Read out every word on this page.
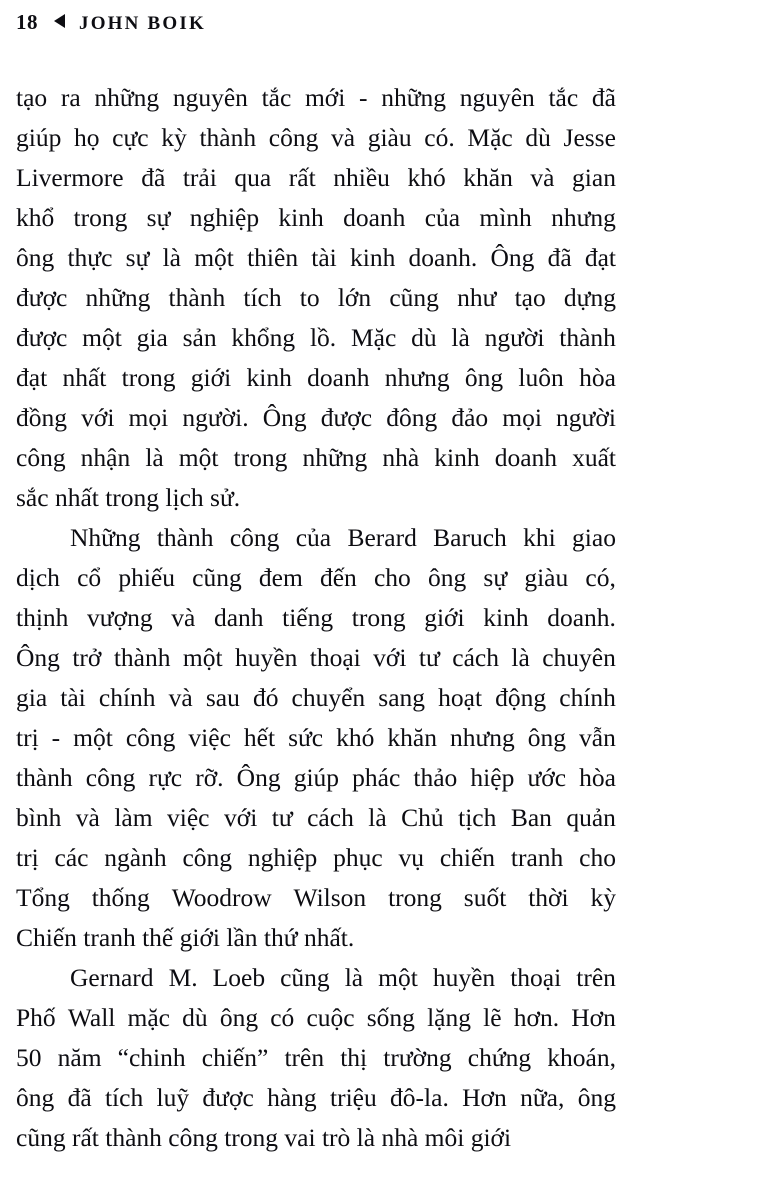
18 JOHN BOIK
tạo ra những nguyên tắc mới - những nguyên tắc đã
giúp họ cực kỳ thành công và giàu có. Mặc dù Jesse
Livermore đã trải qua rất nhiều khó khăn và gian
khổ trong sự nghiệp kinh doanh của mình nhưng
ông thực sự là một thiên tài kinh doanh. Ông đã đạt
được những thành tích to lớn cũng như tạo dựng
được một gia sản khổng lồ. Mặc dù là người thành
đạt nhất trong giới kinh doanh nhưng ông luôn hòa
đồng với mọi người. Ông được đông đảo mọi người
công nhận là một trong những nhà kinh doanh xuất
sắc nhất trong lịch sử.
Những thành công của Berard Baruch khi giao
dịch cổ phiếu cũng đem đến cho ông sự giàu có,
thịnh vượng và danh tiếng trong giới kinh doanh.
Ông trở thành một huyền thoại với tư cách là chuyên
gia tài chính và sau đó chuyển sang hoạt động chính
trị - một công việc hết sức khó khăn nhưng ông vẫn
thành công rực rỡ. Ông giúp phác thảo hiệp ước hòa
bình và làm việc với tư cách là Chủ tịch Ban quản
trị các ngành công nghiệp phục vụ chiến tranh cho
Tổng thống Woodrow Wilson trong suốt thời kỳ
Chiến tranh thế giới lần thứ nhất.
Gernard M. Loeb cũng là một huyền thoại trên
Phố Wall mặc dù ông có cuộc sống lặng lẽ hơn. Hơn
50 năm “chinh chiến” trên thị trường chứng khoán,
ông đã tích luỹ được hàng triệu đô-la. Hơn nữa, ông
cũng rất thành công trong vai trò là nhà môi giới
